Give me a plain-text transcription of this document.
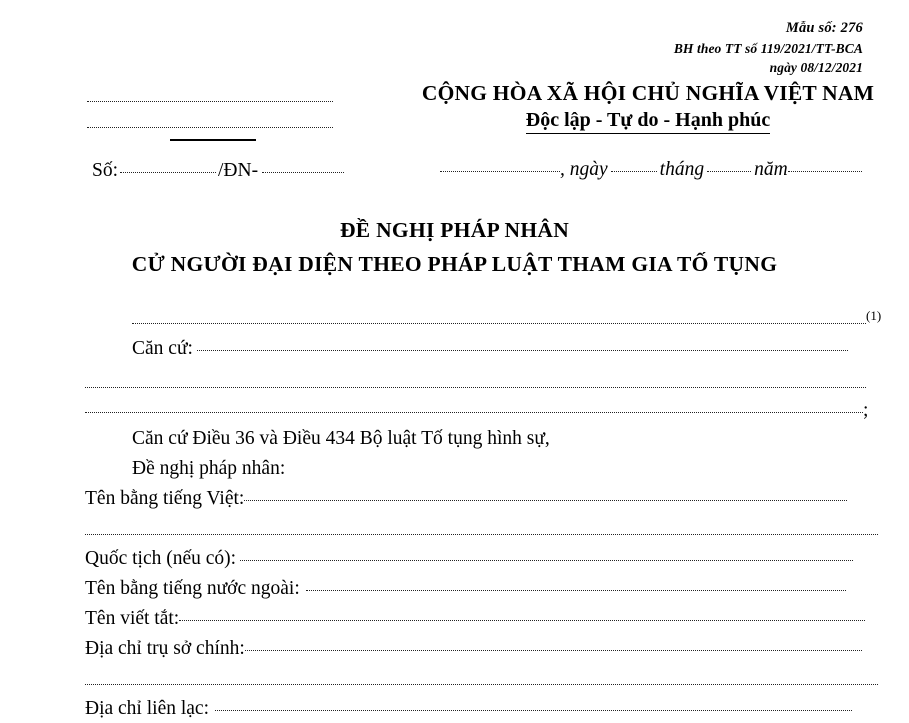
Mẫu số: 276
BH theo TT số 119/2021/TT-BCA
ngày 08/12/2021
CỘNG HÒA XÃ HỘI CHỦ NGHĨA VIỆT NAM
Độc lập - Tự do - Hạnh phúc
Số:	/ĐN-	, ngày	tháng	năm
ĐỀ NGHỊ PHÁP NHÂN
CỬ NGƯỜI ĐẠI DIỆN THEO PHÁP LUẬT THAM GIA TỐ TỤNG
$^{(1)}$
Căn cứ:
;
Căn cứ Điều 36 và Điều 434 Bộ luật Tố tụng hình sự,
Đề nghị pháp nhân:
Tên bằng tiếng Việt:
Quốc tịch (nếu có):
Tên bằng tiếng nước ngoài:
Tên viết tắt:
Địa chỉ trụ sở chính:
Địa chỉ liên lạc:
